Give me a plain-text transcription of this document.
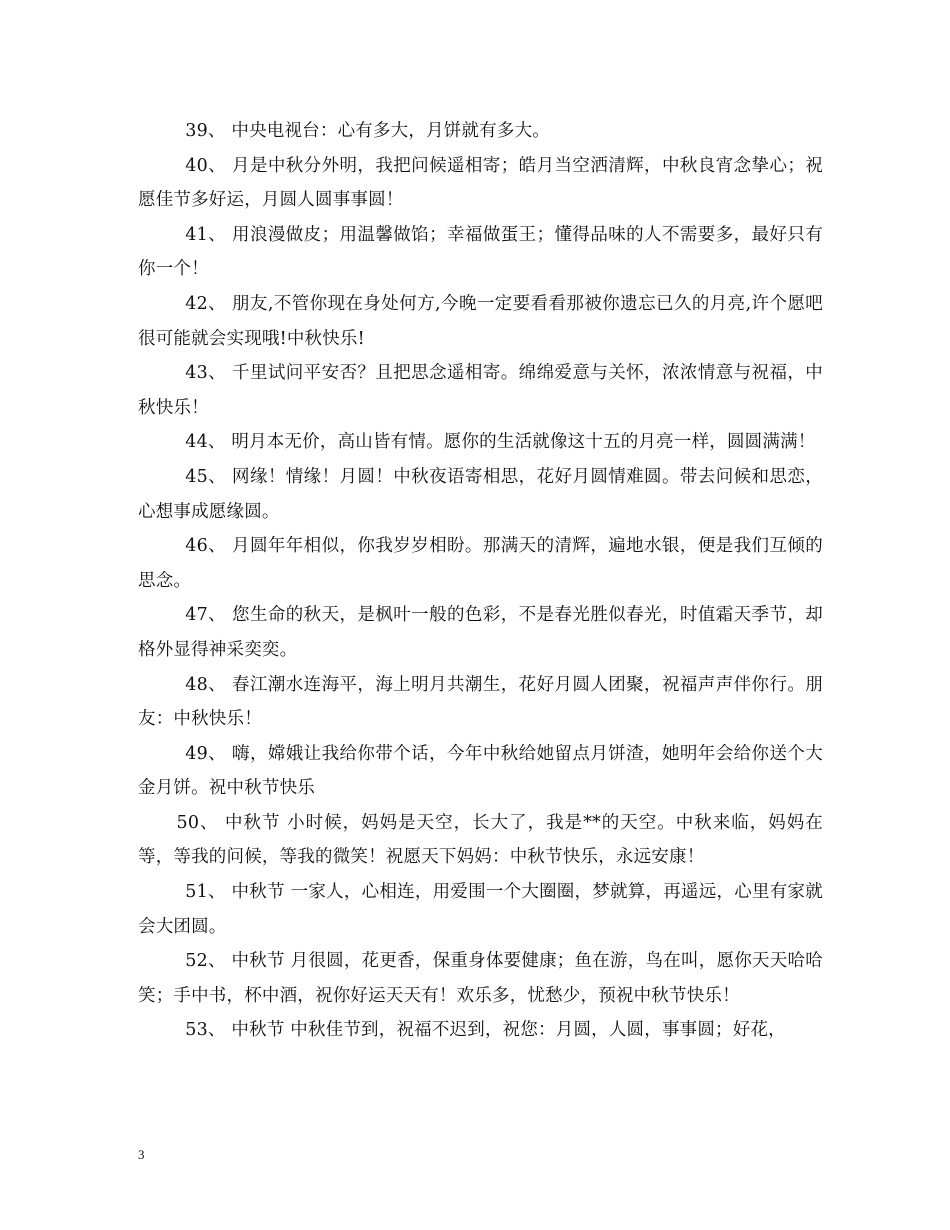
39、 中央电视台：心有多大，月饼就有多大。

40、 月是中秋分外明，我把问候遥相寄；皓月当空洒清辉，中秋良宵念挚心；祝愿佳节多好运，月圆人圆事事圆！

41、 用浪漫做皮；用温馨做馅；幸福做蛋王；懂得品味的人不需要多，最好只有你一个！

42、 朋友,不管你现在身处何方,今晚一定要看看那被你遗忘已久的月亮,许个愿吧很可能就会实现哦!中秋快乐!

43、 千里试问平安否？且把思念遥相寄。绵绵爱意与关怀，浓浓情意与祝福，中秋快乐！

44、 明月本无价，高山皆有情。愿你的生活就像这十五的月亮一样，圆圆满满！

45、 网缘！情缘！月圆！中秋夜语寄相思，花好月圆情难圆。带去问候和思恋，心想事成愿缘圆。

46、 月圆年年相似，你我岁岁相盼。那满天的清辉，遍地水银，便是我们互倾的思念。

47、 您生命的秋天，是枫叶一般的色彩，不是春光胜似春光，时值霜天季节，却格外显得神采奕奕。

48、 春江潮水连海平，海上明月共潮生，花好月圆人团聚，祝福声声伴你行。朋友：中秋快乐！

49、 嗨，嫦娥让我给你带个话，今年中秋给她留点月饼渣，她明年会给你送个大金月饼。祝中秋节快乐

50、 中秋节 小时候，妈妈是天空，长大了，我是**的天空。中秋来临，妈妈在等，等我的问候，等我的微笑！祝愿天下妈妈：中秋节快乐，永远安康！

51、 中秋节 一家人，心相连，用爱围一个大圈圈，梦就算，再遥远，心里有家就会大团圆。

52、 中秋节 月很圆，花更香，保重身体要健康；鱼在游，鸟在叫，愿你天天哈哈笑；手中书，杯中酒，祝你好运天天有！欢乐多，忧愁少，预祝中秋节快乐！

53、 中秋节 中秋佳节到，祝福不迟到，祝您：月圆，人圆，事事圆；好花，

3
